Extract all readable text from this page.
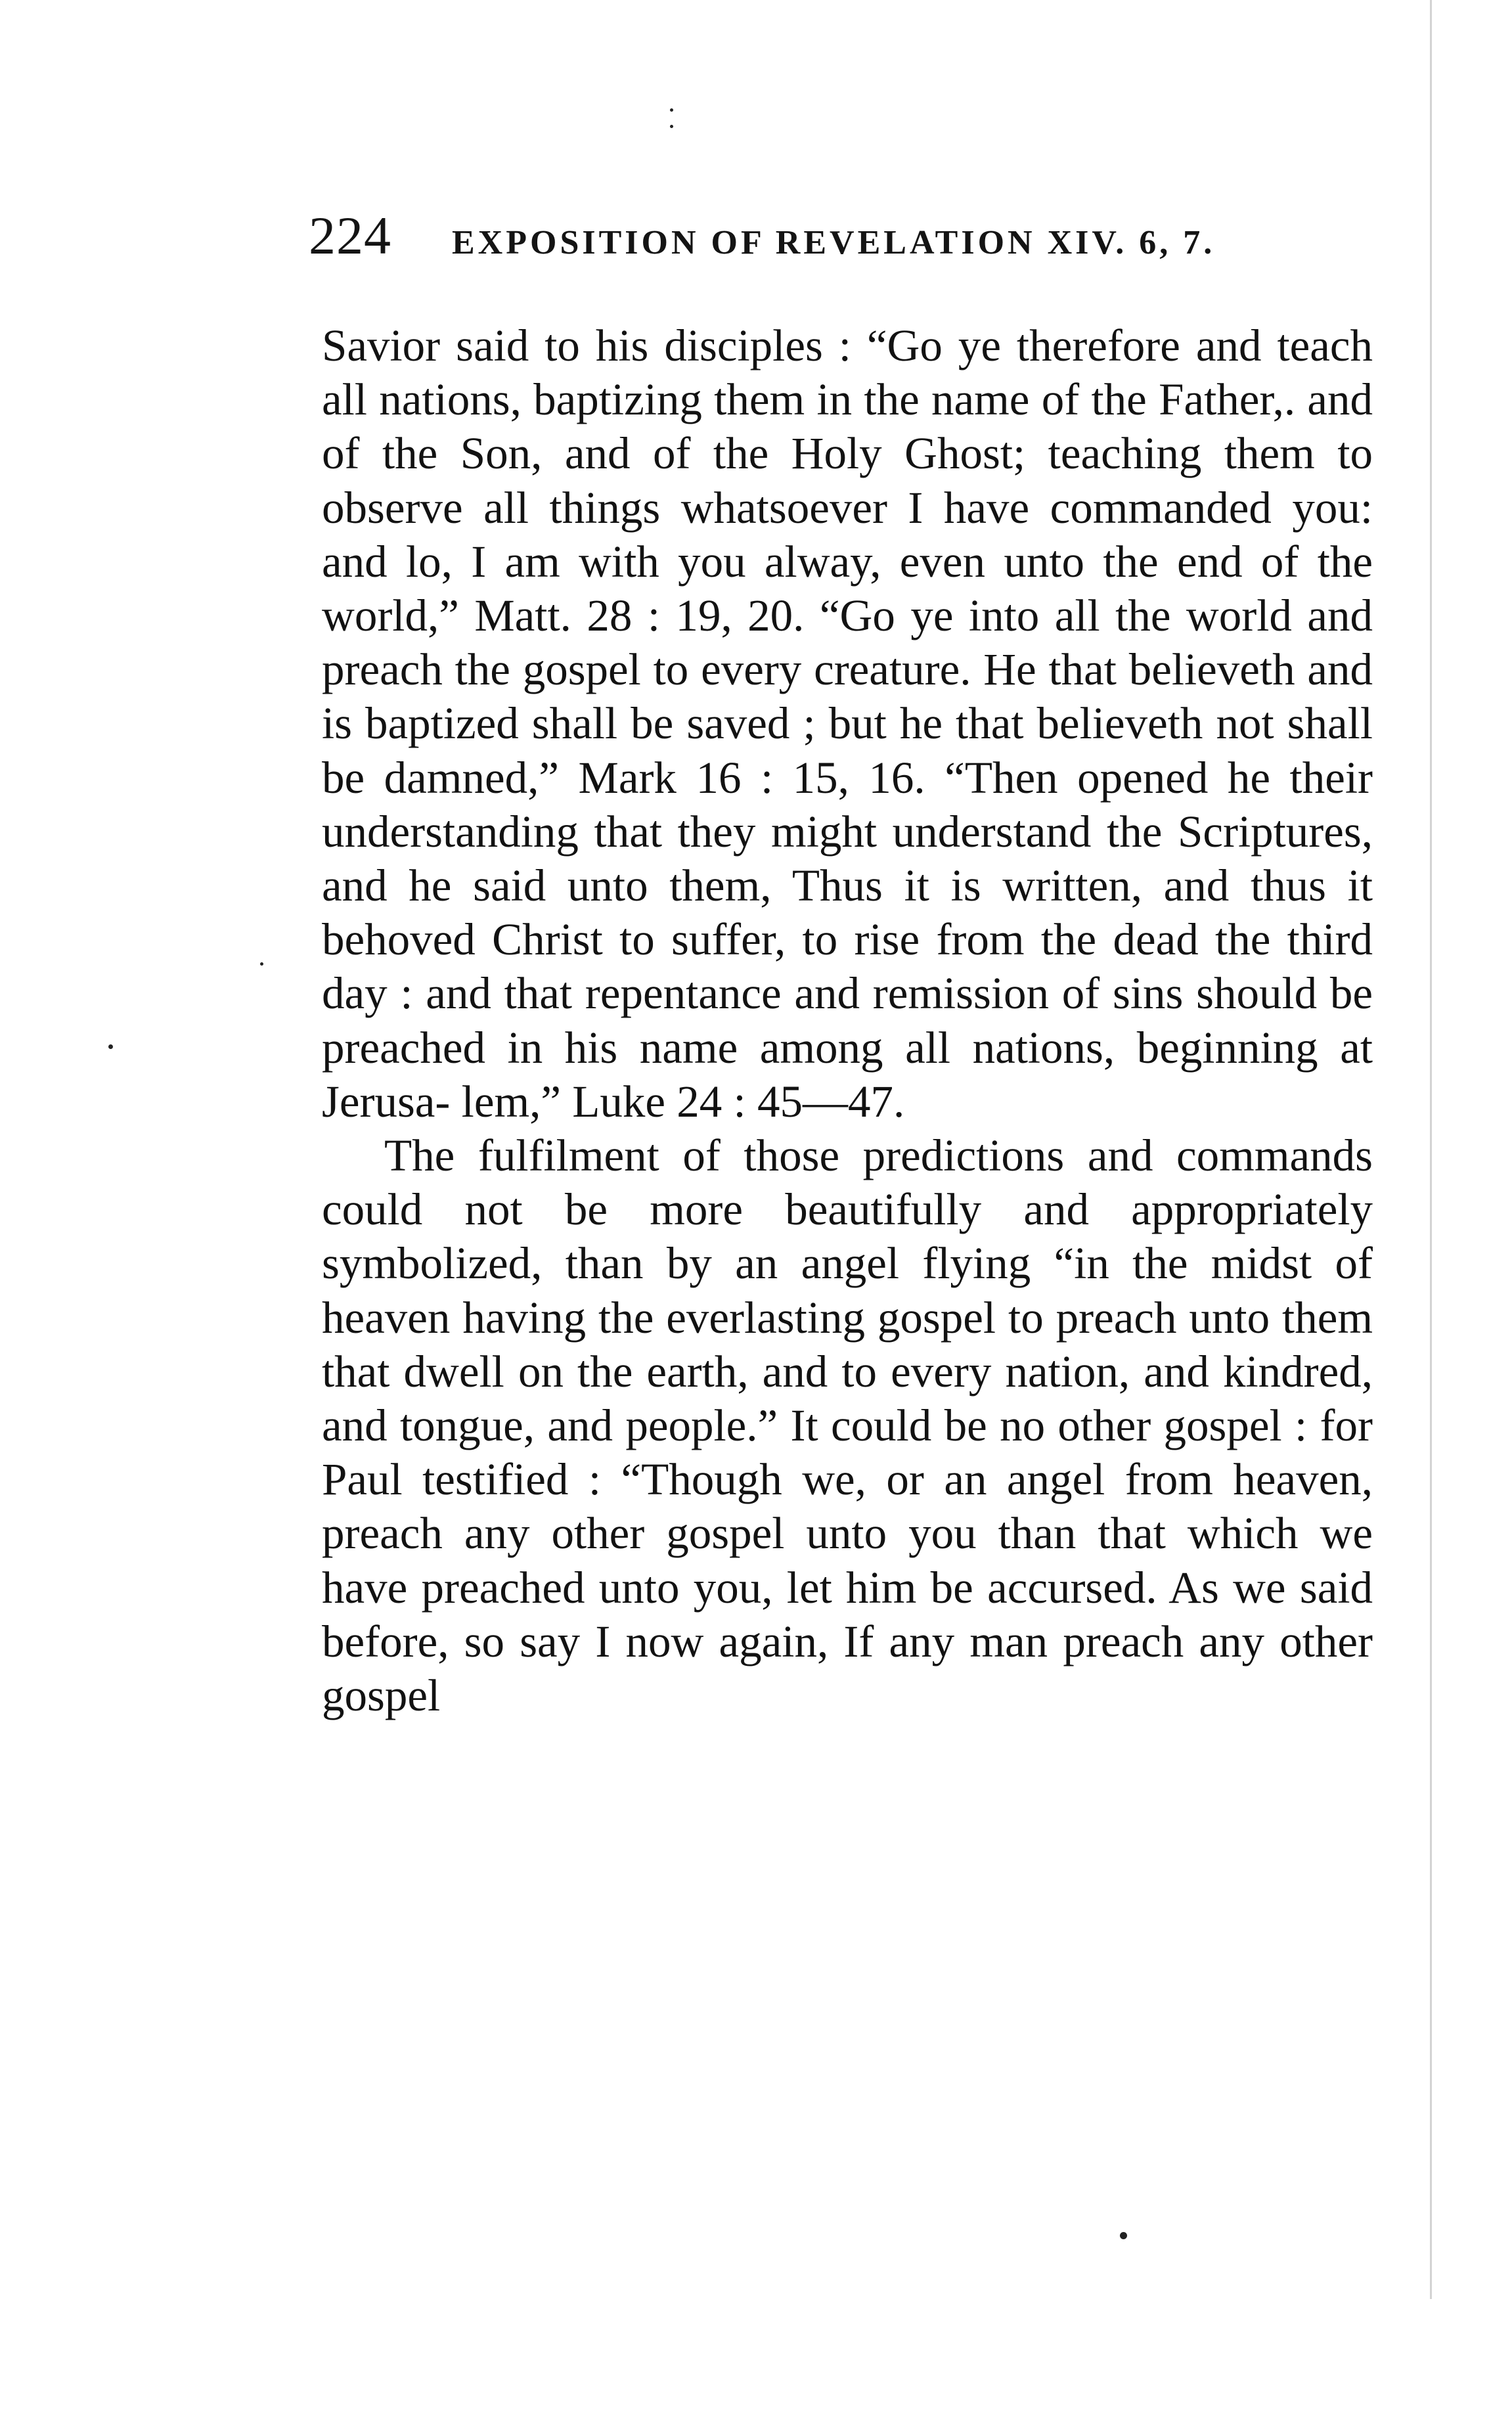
224 EXPOSITION OF REVELATION XIV. 6, 7.

Savior said to his disciples : “Go ye therefore and teach all nations, baptizing them in the name of the Father,. and of the Son, and of the Holy Ghost; teaching them to observe all things whatsoever I have commanded you: and lo, I am with you alway, even unto the end of the world,” Matt. 28 : 19, 20. “Go ye into all the world and preach the gospel to every creature. He that believeth and is baptized shall be saved ; but he that believeth not shall be damned,” Mark 16 : 15, 16. “Then opened he their understanding that they might understand the Scriptures, and he said unto them, Thus it is written, and thus it behoved Christ to suffer, to rise from the dead the third day : and that repentance and remission of sins should be preached in his name among all nations, beginning at Jerusa- lem,” Luke 24 : 45—47.

The fulfilment of those predictions and commands could not be more beautifully and appropriately symbolized, than by an angel flying “in the midst of heaven having the everlasting gospel to preach unto them that dwell on the earth, and to every nation, and kindred, and tongue, and people.” It could be no other gospel : for Paul testified : “Though we, or an angel from heaven, preach any other gospel unto you than that which we have preached unto you, let him be accursed. As we said before, so say I now again, If any man preach any other gospel
